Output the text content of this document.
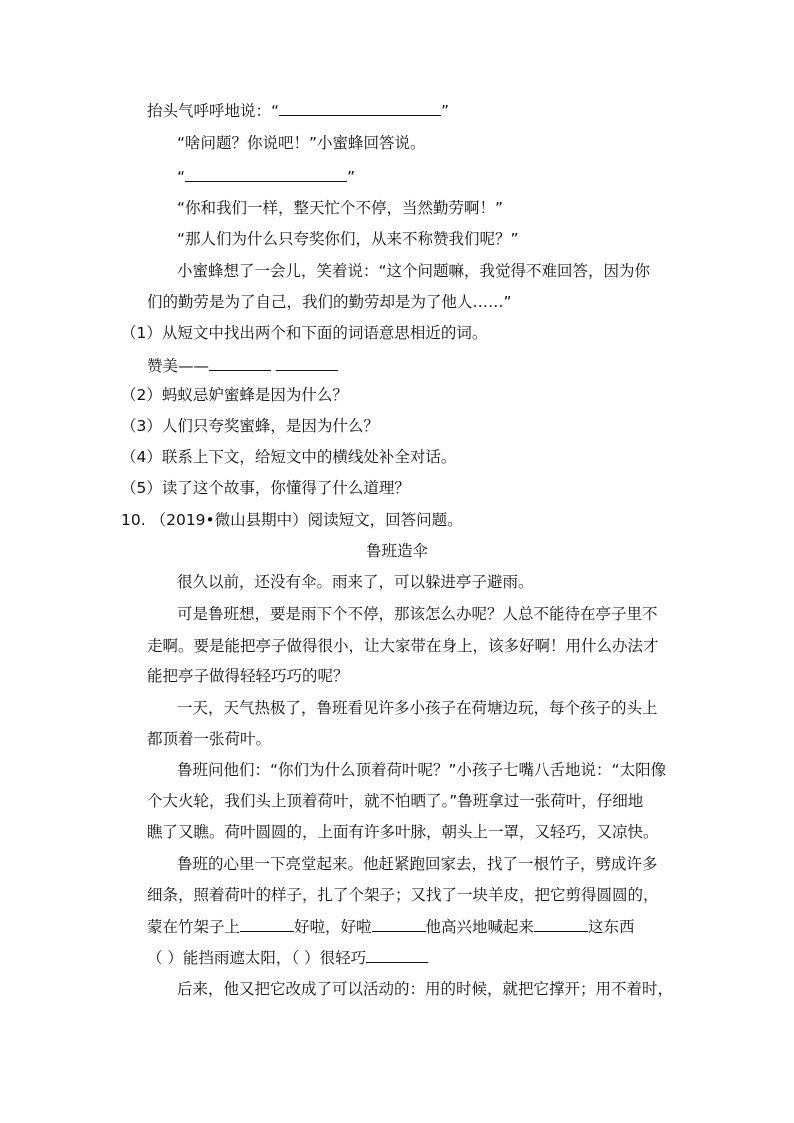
抬头气呼呼地说：“	”
“啥问题？你说吧！”小蜜蜂回答说。
“	”
“你和我们一样，整天忙个不停，当然勤劳啊！”
“那人们为什么只夸奖你们，从来不称赞我们呢？”
小蜜蜂想了一会儿，笑着说：“这个问题嘛，我觉得不难回答，因为你
们的勤劳是为了自己，我们的勤劳却是为了他人……”
（1）从短文中找出两个和下面的词语意思相近的词。
赞美——
（2）蚂蚁忌妒蜜蜂是因为什么？
（3）人们只夸奖蜜蜂，是因为什么？
（4）联系上下文，给短文中的横线处补全对话。
（5）读了这个故事，你懂得了什么道理？
10. （2019•微山县期中）阅读短文，回答问题。
鲁班造伞
很久以前，还没有伞。雨来了，可以躲进亭子避雨。
可是鲁班想，要是雨下个不停，那该怎么办呢？人总不能待在亭子里不
走啊。要是能把亭子做得很小，让大家带在身上，该多好啊！用什么办法才
能把亭子做得轻轻巧巧的呢？
一天，天气热极了，鲁班看见许多小孩子在荷塘边玩，每个孩子的头上
都顶着一张荷叶。
鲁班问他们：“你们为什么顶着荷叶呢？”小孩子七嘴八舌地说：“太阳像
个大火轮，我们头上顶着荷叶，就不怕晒了。”鲁班拿过一张荷叶，仔细地
瞧了又瞧。荷叶圆圆的，上面有许多叶脉，朝头上一罩，又轻巧，又凉快。
鲁班的心里一下亮堂起来。他赶紧跑回家去，找了一根竹子，劈成许多
细条，照着荷叶的样子，扎了个架子；又找了一块羊皮，把它剪得圆圆的，
蒙在竹架子上	好啦，好啦	他高兴地喊起来	这东西
（ ）能挡雨遮太阳，（ ）很轻巧
后来，他又把它改成了可以活动的：用的时候，就把它撑开；用不着时，
